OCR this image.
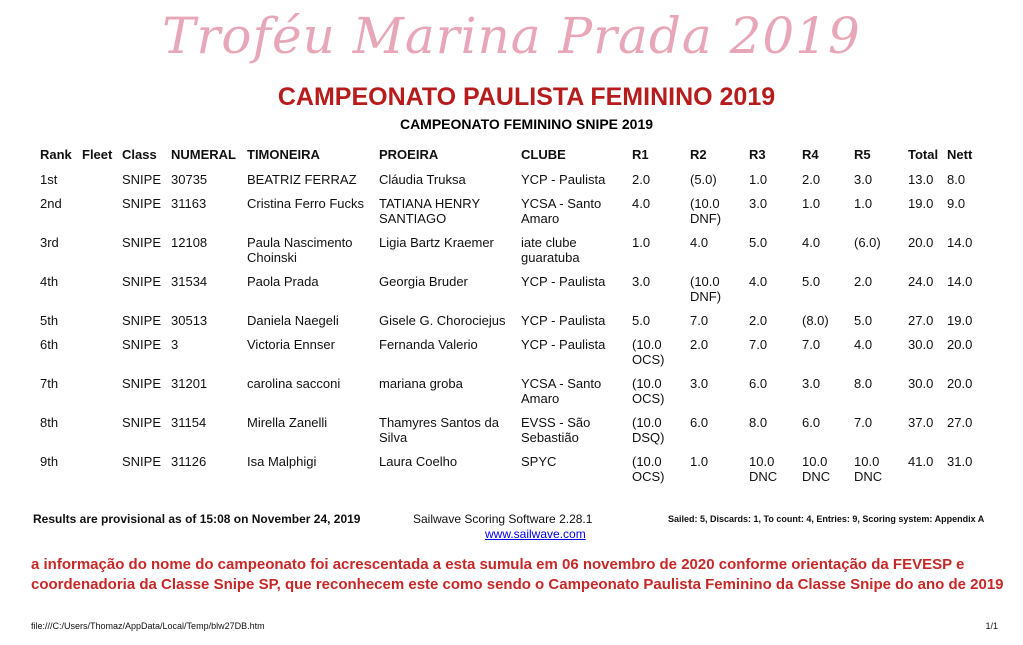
Troféu Marina Prada 2019
CAMPEONATO PAULISTA FEMININO 2019
CAMPEONATO FEMININO SNIPE 2019
Rank	Fleet	Class	NUMERAL	TIMONEIRA	PROEIRA	CLUBE	R1	R2	R3	R4	R5	Total	Nett
1st		SNIPE	30735	BEATRIZ FERRAZ	Cláudia Truksa	YCP - Paulista	2.0	(5.0)	1.0	2.0	3.0	13.0	8.0
2nd		SNIPE	31163	Cristina Ferro Fucks	TATIANA HENRY SANTIAGO	YCSA - Santo Amaro	4.0	(10.0 DNF)	3.0	1.0	1.0	19.0	9.0
3rd		SNIPE	12108	Paula Nascimento Choinski	Ligia Bartz Kraemer	iate clube guaratuba	1.0	4.0	5.0	4.0	(6.0)	20.0	14.0
4th		SNIPE	31534	Paola Prada	Georgia Bruder	YCP - Paulista	3.0	(10.0 DNF)	4.0	5.0	2.0	24.0	14.0
5th		SNIPE	30513	Daniela Naegeli	Gisele G. Chorociejus	YCP - Paulista	5.0	7.0	2.0	(8.0)	5.0	27.0	19.0
6th		SNIPE	3	Victoria Ennser	Fernanda Valerio	YCP - Paulista	(10.0 OCS)	2.0	7.0	7.0	4.0	30.0	20.0
7th		SNIPE	31201	carolina sacconi	mariana groba	YCSA - Santo Amaro	(10.0 OCS)	3.0	6.0	3.0	8.0	30.0	20.0
8th		SNIPE	31154	Mirella Zanelli	Thamyres Santos da Silva	EVSS - São Sebastião	(10.0 DSQ)	6.0	8.0	6.0	7.0	37.0	27.0
9th		SNIPE	31126	Isa Malphigi	Laura Coelho	SPYC	(10.0 OCS)	1.0	10.0 DNC	10.0 DNC	10.0 DNC	41.0	31.0
Results are provisional as of 15:08 on November 24, 2019	Sailwave Scoring Software 2.28.1
www.sailwave.com
Sailed: 5, Discards: 1, To count: 4, Entries: 9, Scoring system: Appendix A
a informação do nome do campeonato foi acrescentada a esta sumula em 06 novembro de 2020 conforme orientação da FEVESP e coordenadoria da Classe Snipe SP, que reconhecem este como sendo o Campeonato Paulista Feminino da Classe Snipe do ano de 2019
file:///C:/Users/Thomaz/AppData/Local/Temp/blw27DB.htm	1/1
